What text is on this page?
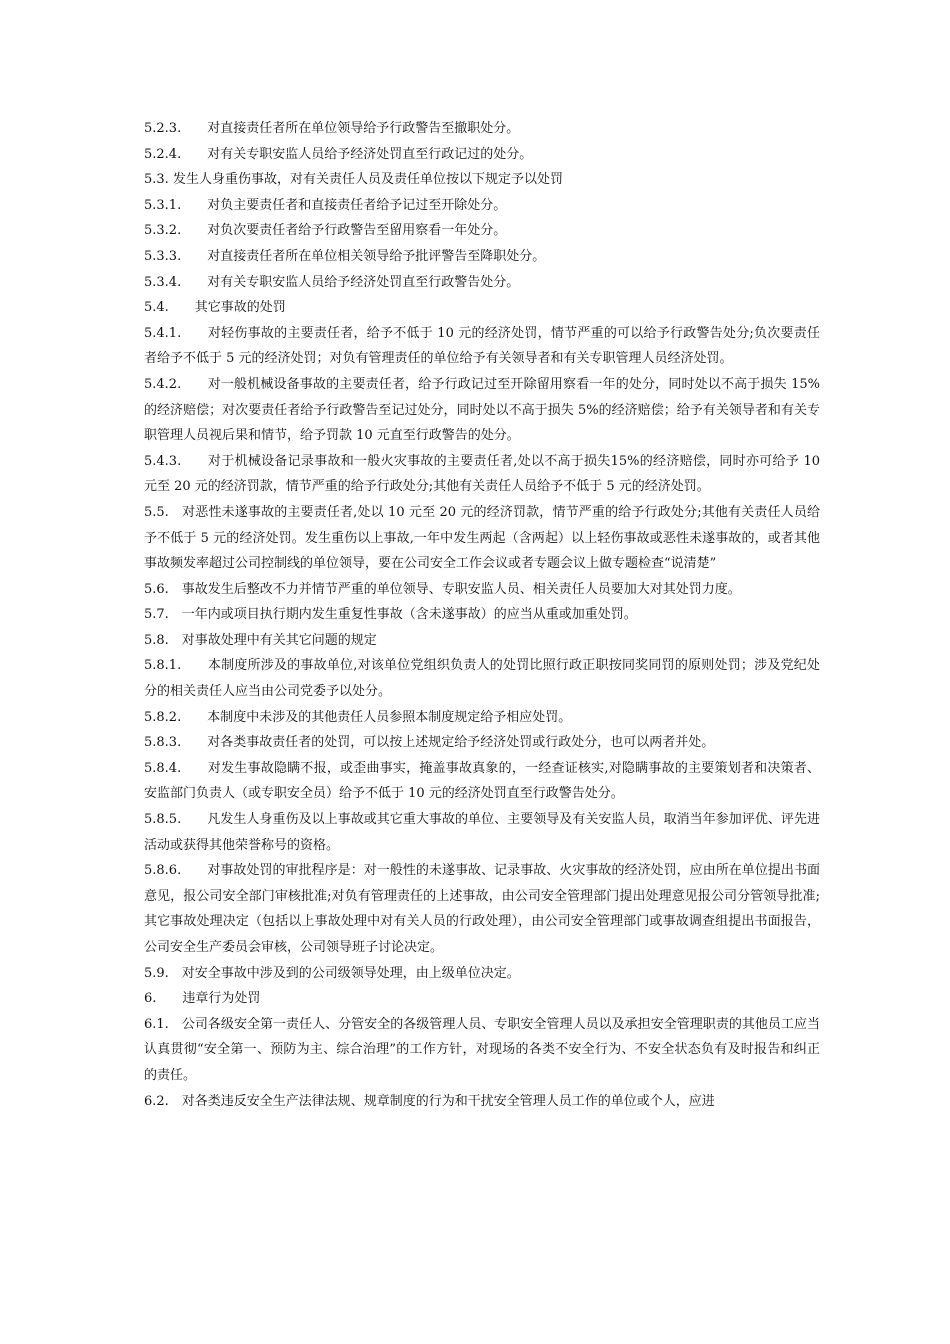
5.2.3.　　对直接责任者所在单位领导给予行政警告至撤职处分。

5.2.4.　　对有关专职安监人员给予经济处罚直至行政记过的处分。

5.3. 发生人身重伤事故，对有关责任人员及责任单位按以下规定予以处罚

5.3.1.　　对负主要责任者和直接责任者给予记过至开除处分。

5.3.2.　　对负次要责任者给予行政警告至留用察看一年处分。

5.3.3.　　对直接责任者所在单位相关领导给予批评警告至降职处分。

5.3.4.　　对有关专职安监人员给予经济处罚直至行政警告处分。

5.4.　　其它事故的处罚

5.4.1.　　对轻伤事故的主要责任者，给予不低于 10 元的经济处罚，情节严重的可以给予行政警告处分;负次要责任者给予不低于 5 元的经济处罚；对负有管理责任的单位给予有关领导者和有关专职管理人员经济处罚。

5.4.2.　　对一般机械设备事故的主要责任者，给予行政记过至开除留用察看一年的处分，同时处以不高于损失 15%的经济赔偿；对次要责任者给予行政警告至记过处分，同时处以不高于损失 5%的经济赔偿；给予有关领导者和有关专职管理人员视后果和情节，给予罚款 10 元直至行政警告的处分。

5.4.3.　　对于机械设备记录事故和一般火灾事故的主要责任者,处以不高于损失15%的经济赔偿，同时亦可给予 10 元至 20 元的经济罚款，情节严重的给予行政处分;其他有关责任人员给予不低于 5 元的经济处罚。

5.5.　对恶性未遂事故的主要责任者,处以 10 元至 20 元的经济罚款，情节严重的给予行政处分;其他有关责任人员给予不低于 5 元的经济处罚。发生重伤以上事故,一年中发生两起（含两起）以上轻伤事故或恶性未遂事故的，或者其他事故频发率超过公司控制线的单位领导，要在公司安全工作会议或者专题会议上做专题检查“说清楚”

5.6.　事故发生后整改不力并情节严重的单位领导、专职安监人员、相关责任人员要加大对其处罚力度。

5.7.　一年内或项目执行期内发生重复性事故（含未遂事故）的应当从重或加重处罚。

5.8.　对事故处理中有关其它问题的规定

5.8.1.　　本制度所涉及的事故单位,对该单位党组织负责人的处罚比照行政正职按同奖同罚的原则处罚；涉及党纪处分的相关责任人应当由公司党委予以处分。

5.8.2.　　本制度中未涉及的其他责任人员参照本制度规定给予相应处罚。

5.8.3.　　对各类事故责任者的处罚，可以按上述规定给予经济处罚或行政处分，也可以两者并处。

5.8.4.　　对发生事故隐瞒不报，或歪曲事实，掩盖事故真象的，一经查证核实,对隐瞒事故的主要策划者和决策者、安监部门负责人（或专职安全员）给予不低于 10 元的经济处罚直至行政警告处分。

5.8.5.　　凡发生人身重伤及以上事故或其它重大事故的单位、主要领导及有关安监人员，取消当年参加评优、评先进活动或获得其他荣誉称号的资格。

5.8.6.　　对事故处罚的审批程序是：对一般性的未遂事故、记录事故、火灾事故的经济处罚，应由所在单位提出书面意见，报公司安全部门审核批准;对负有管理责任的上述事故，由公司安全管理部门提出处理意见报公司分管领导批准;其它事故处理决定（包括以上事故处理中对有关人员的行政处理），由公司安全管理部门或事故调查组提出书面报告，公司安全生产委员会审核，公司领导班子讨论决定。

5.9.　对安全事故中涉及到的公司级领导处理，由上级单位决定。

6.　　违章行为处罚

6.1.　公司各级安全第一责任人、分管安全的各级管理人员、专职安全管理人员以及承担安全管理职责的其他员工应当认真贯彻“安全第一、预防为主、综合治理”的工作方针，对现场的各类不安全行为、不安全状态负有及时报告和纠正的责任。

6.2.　对各类违反安全生产法律法规、规章制度的行为和干扰安全管理人员工作的单位或个人，应进
